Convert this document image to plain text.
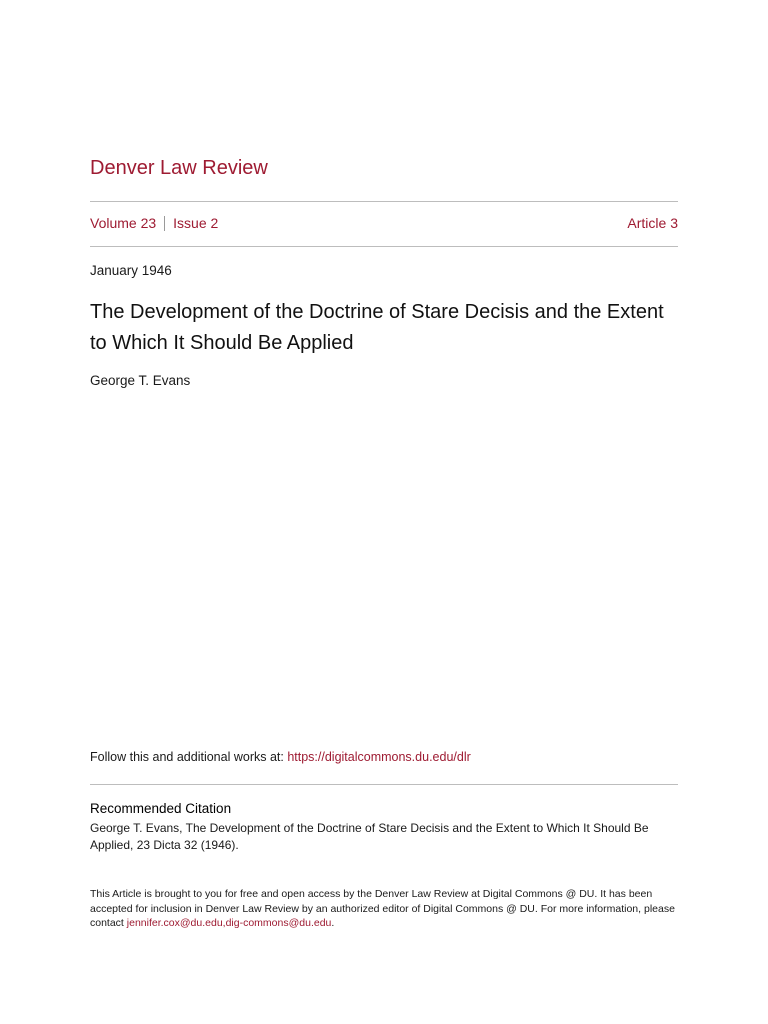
Denver Law Review
Volume 23 Issue 2	Article 3
January 1946
The Development of the Doctrine of Stare Decisis and the Extent to Which It Should Be Applied
George T. Evans
Follow this and additional works at: https://digitalcommons.du.edu/dlr
Recommended Citation
George T. Evans, The Development of the Doctrine of Stare Decisis and the Extent to Which It Should Be Applied, 23 Dicta 32 (1946).
This Article is brought to you for free and open access by the Denver Law Review at Digital Commons @ DU. It has been accepted for inclusion in Denver Law Review by an authorized editor of Digital Commons @ DU. For more information, please contact jennifer.cox@du.edu,dig-commons@du.edu.
